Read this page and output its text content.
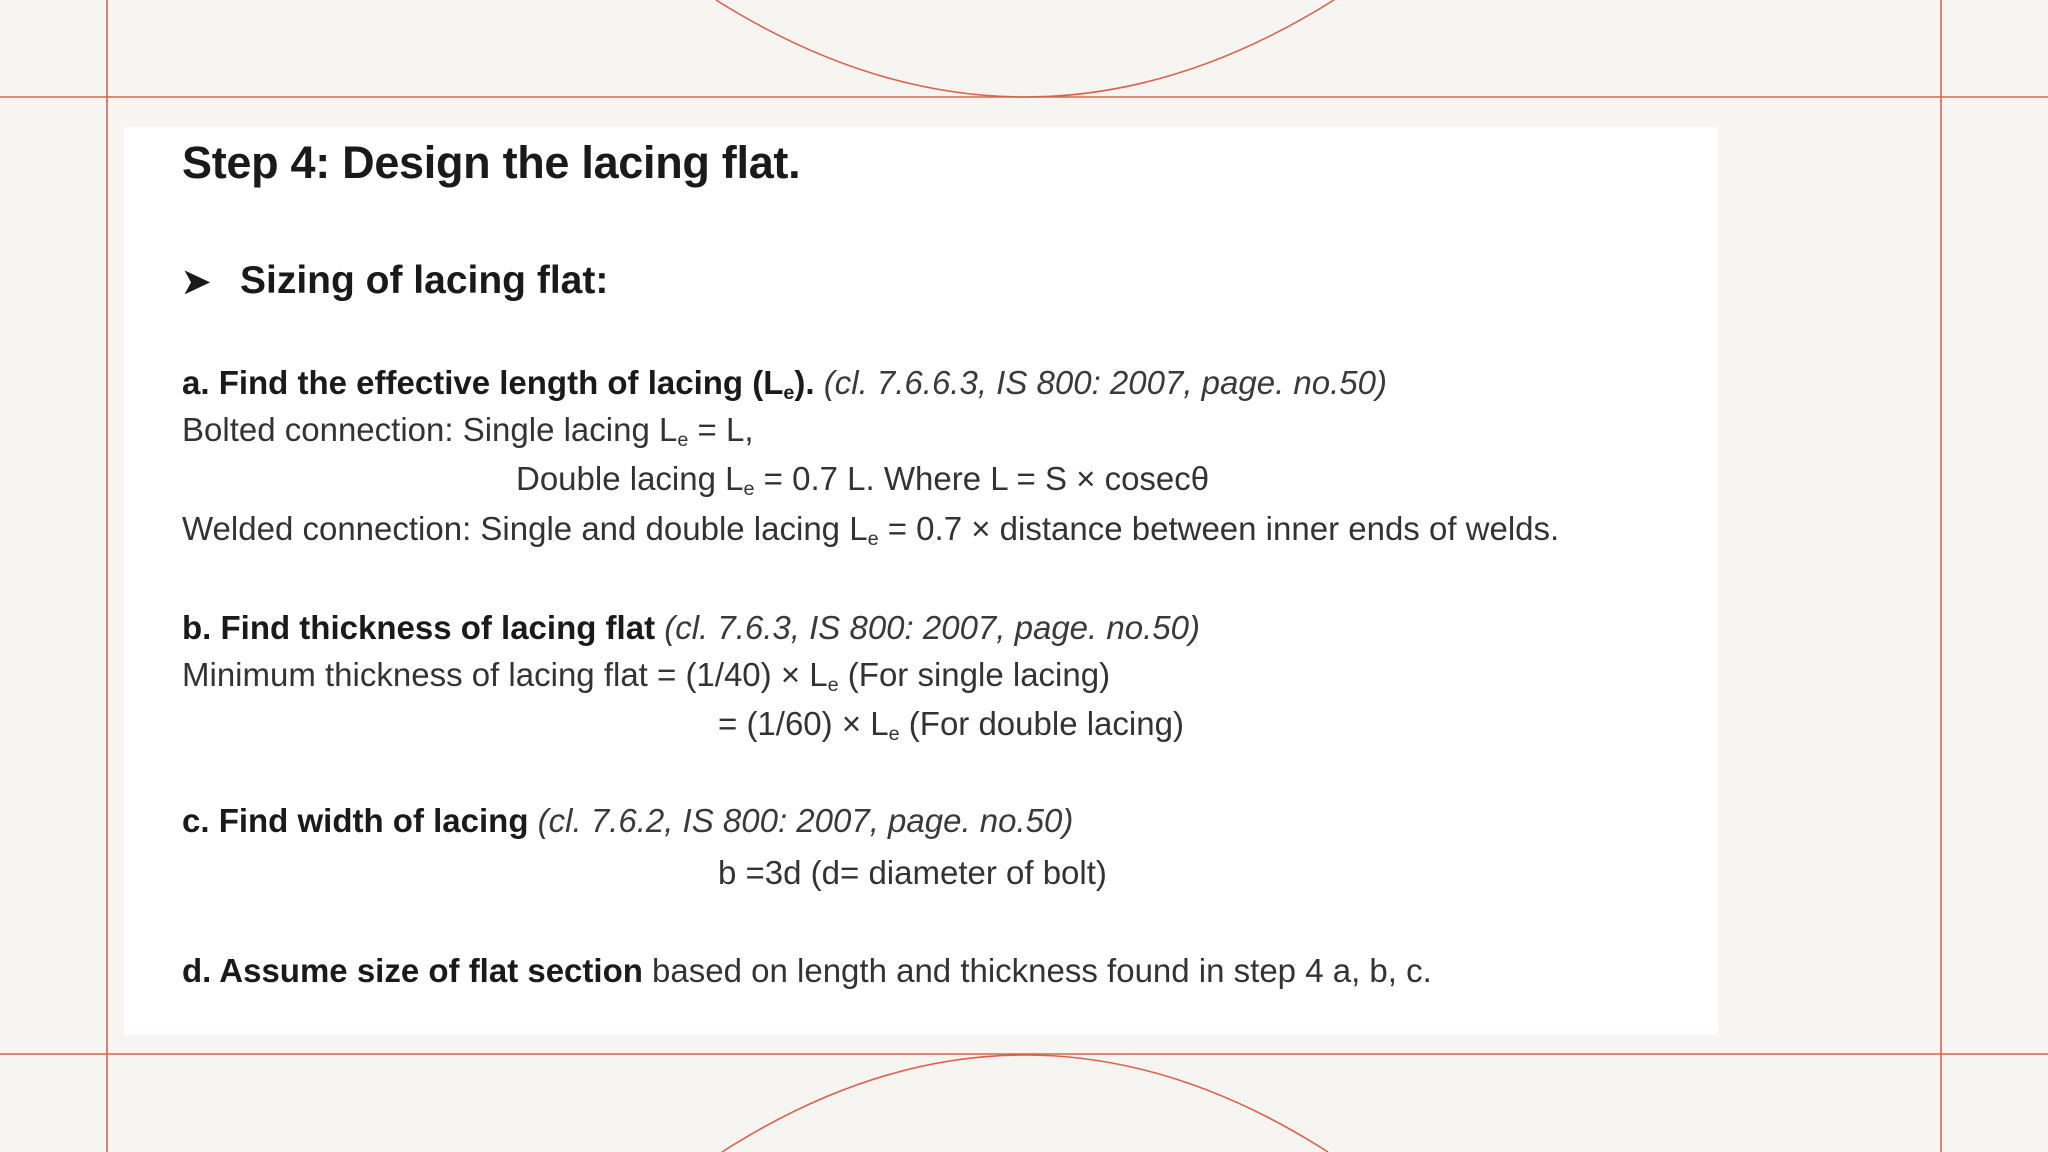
Step 4: Design the lacing flat.
➤ Sizing of lacing flat:
a. Find the effective length of lacing (Le). (cl. 7.6.6.3, IS 800: 2007, page. no.50)
Bolted connection: Single lacing Le = L,
Double lacing Le = 0.7 L. Where L = S × cosecθ
Welded connection: Single and double lacing Le = 0.7 × distance between inner ends of welds.
b. Find thickness of lacing flat (cl. 7.6.3, IS 800: 2007, page. no.50)
Minimum thickness of lacing flat = (1/40) × Le (For single lacing)
= (1/60) × Le (For double lacing)
c. Find width of lacing (cl. 7.6.2, IS 800: 2007, page. no.50)
b =3d (d= diameter of bolt)
d. Assume size of flat section based on length and thickness found in step 4 a, b, c.
